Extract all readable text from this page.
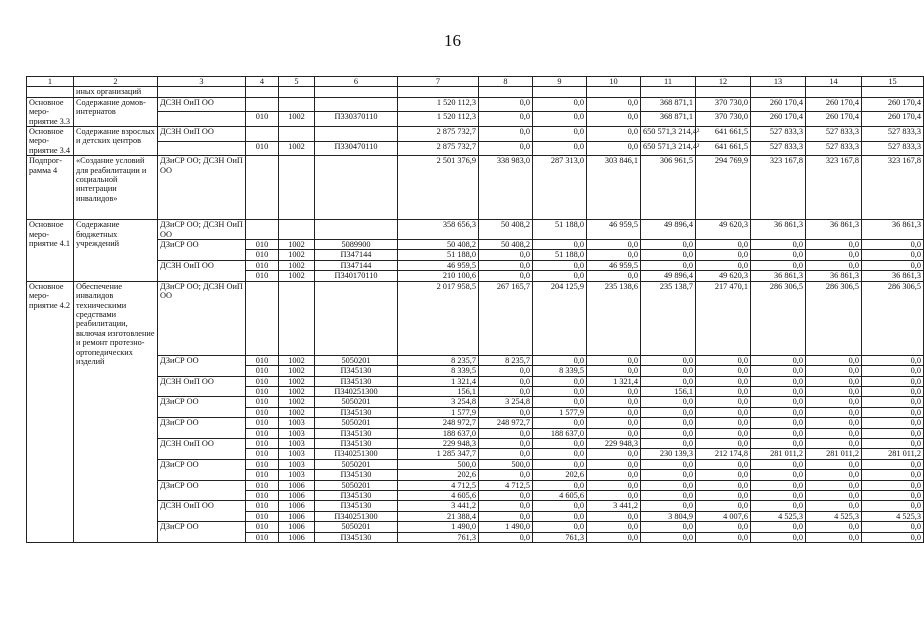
16
1	2	3	4	5	6	7	8	9	10	11	12	13	14	15
	иных организаций													
Основное меро-приятие 3.3	Содержание домов-интернатов	ДСЗН ОиП ОО				1 520 112,3	0,0	0,0	0,0	368 871,1	370 730,0	260 170,4	260 170,4	260 170,4
			010	1002	П330370110	1 520 112,3	0,0	0,0	0,0	368 871,1	370 730,0	260 170,4	260 170,4	260 170,4
Основное меро-приятие 3.4	Содержание взрослых и детских центров	ДСЗН ОиП ОО				2 875 732,7	0,0	0,0	0,0	650 571,3 214,4²	641 661,5	527 833,3	527 833,3	527 833,3
			010	1002	П330470110	2 875 732,7	0,0	0,0	0,0	650 571,3 214,4²	641 661,5	527 833,3	527 833,3	527 833,3
Подпрог-рамма 4	«Создание условий для реабилитации и социальной интеграции инвалидов»	ДЗиСР ОО; ДСЗН ОиП ОО				2 501 376,9	338 983,0	287 313,0	303 846,1	306 961,5	294 769,9	323 167,8	323 167,8	323 167,8
Основное меро-приятие 4.1	Содержание бюджетных учреждений	ДЗиСР ОО; ДСЗН ОиП ОО				358 656,3	50 408,2	51 188,0	46 959,5	49 896,4	49 620,3	36 861,3	36 861,3	36 861,3
		ДЗиСР ОО	010	1002	5089900	50 408,2	50 408,2	0,0	0,0	0,0	0,0	0,0	0,0	0,0
			010	1002	П347144	51 188,0	0,0	51 188,0	0,0	0,0	0,0	0,0	0,0	0,0
		ДСЗН ОиП ОО	010	1002	П347144	46 959,5	0,0	0,0	46 959,5	0,0	0,0	0,0	0,0	0,0
			010	1002	П340170110	210 100,6	0,0	0,0	0,0	49 896,4	49 620,3	36 861,3	36 861,3	36 861,3
Основное меро-приятие 4.2	Обеспечение инвалидов техническими средствами реабилитации, включая изготовление и ремонт протезно-ортопедических изделий	ДЗиСР ОО; ДСЗН ОиП ОО				2 017 958,5	267 165,7	204 125,9	235 138,6	235 138,7	217 470,1	286 306,5	286 306,5	286 306,5
		ДЗиСР ОО	010	1002	5050201	8 235,7	8 235,7	0,0	0,0	0,0	0,0	0,0	0,0	0,0
			010	1002	П345130	8 339,5	0,0	8 339,5	0,0	0,0	0,0	0,0	0,0	0,0
		ДСЗН ОиП ОО	010	1002	П345130	1 321,4	0,0	0,0	1 321,4	0,0	0,0	0,0	0,0	0,0
			010	1002	П340251300	156,1	0,0	0,0	0,0	156,1	0,0	0,0	0,0	0,0
		ДЗиСР ОО	010	1002	5050201	3 254,8	3 254,8	0,0	0,0	0,0	0,0	0,0	0,0	0,0
			010	1002	П345130	1 577,9	0,0	1 577,9	0,0	0,0	0,0	0,0	0,0	0,0
		ДЗиСР ОО	010	1003	5050201	248 972,7	248 972,7	0,0	0,0	0,0	0,0	0,0	0,0	0,0
			010	1003	П345130	188 637,0	0,0	188 637,0	0,0	0,0	0,0	0,0	0,0	0,0
		ДСЗН ОиП ОО	010	1003	П345130	229 948,3	0,0	0,0	229 948,3	0,0	0,0	0,0	0,0	0,0
			010	1003	П340251300	1 285 347,7	0,0	0,0	0,0	230 139,3	212 174,8	281 011,2	281 011,2	281 011,2
		ДЗиСР ОО	010	1003	5050201	500,0	500,0	0,0	0,0	0,0	0,0	0,0	0,0	0,0
			010	1003	П345130	202,6	0,0	202,6	0,0	0,0	0,0	0,0	0,0	0,0
		ДЗиСР ОО	010	1006	5050201	4 712,5	4 712,5	0,0	0,0	0,0	0,0	0,0	0,0	0,0
			010	1006	П345130	4 605,6	0,0	4 605,6	0,0	0,0	0,0	0,0	0,0	0,0
		ДСЗН ОиП ОО	010	1006	П345130	3 441,2	0,0	0,0	3 441,2	0,0	0,0	0,0	0,0	0,0
			010	1006	П340251300	21 388,4	0,0	0,0	0,0	3 804,9	4 007,6	4 525,3	4 525,3	4 525,3
		ДЗиСР ОО	010	1006	5050201	1 490,0	1 490,0	0,0	0,0	0,0	0,0	0,0	0,0	0,0
			010	1006	П345130	761,3	0,0	761,3	0,0	0,0	0,0	0,0	0,0	0,0
